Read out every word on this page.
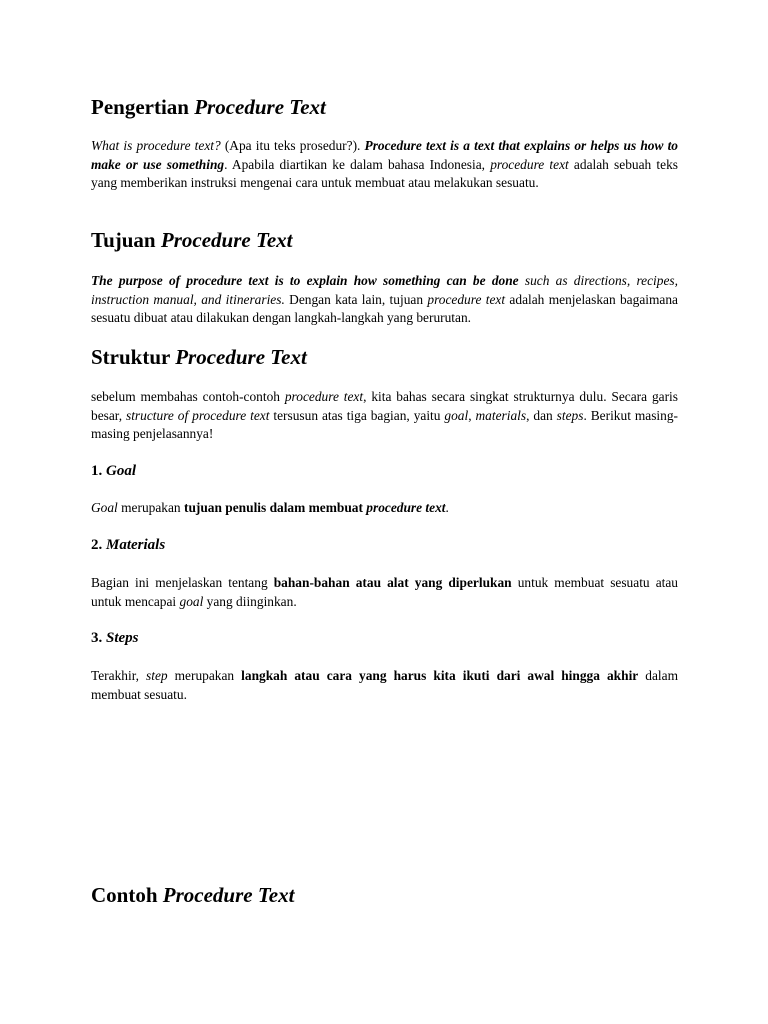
Pengertian Procedure Text

What is procedure text? (Apa itu teks prosedur?). Procedure text is a text that explains or helps us how to make or use something. Apabila diartikan ke dalam bahasa Indonesia, procedure text adalah sebuah teks yang memberikan instruksi mengenai cara untuk membuat atau melakukan sesuatu.

Tujuan Procedure Text

The purpose of procedure text is to explain how something can be done such as directions, recipes, instruction manual, and itineraries. Dengan kata lain, tujuan procedure text adalah menjelaskan bagaimana sesuatu dibuat atau dilakukan dengan langkah-langkah yang berurutan.

Struktur Procedure Text

sebelum membahas contoh-contoh procedure text, kita bahas secara singkat strukturnya dulu. Secara garis besar, structure of procedure text tersusun atas tiga bagian, yaitu goal, materials, dan steps. Berikut masing-masing penjelasannya!

1. Goal

Goal merupakan tujuan penulis dalam membuat procedure text.

2. Materials

Bagian ini menjelaskan tentang bahan-bahan atau alat yang diperlukan untuk membuat sesuatu atau untuk mencapai goal yang diinginkan.

3. Steps

Terakhir, step merupakan langkah atau cara yang harus kita ikuti dari awal hingga akhir dalam membuat sesuatu.

Contoh Procedure Text
